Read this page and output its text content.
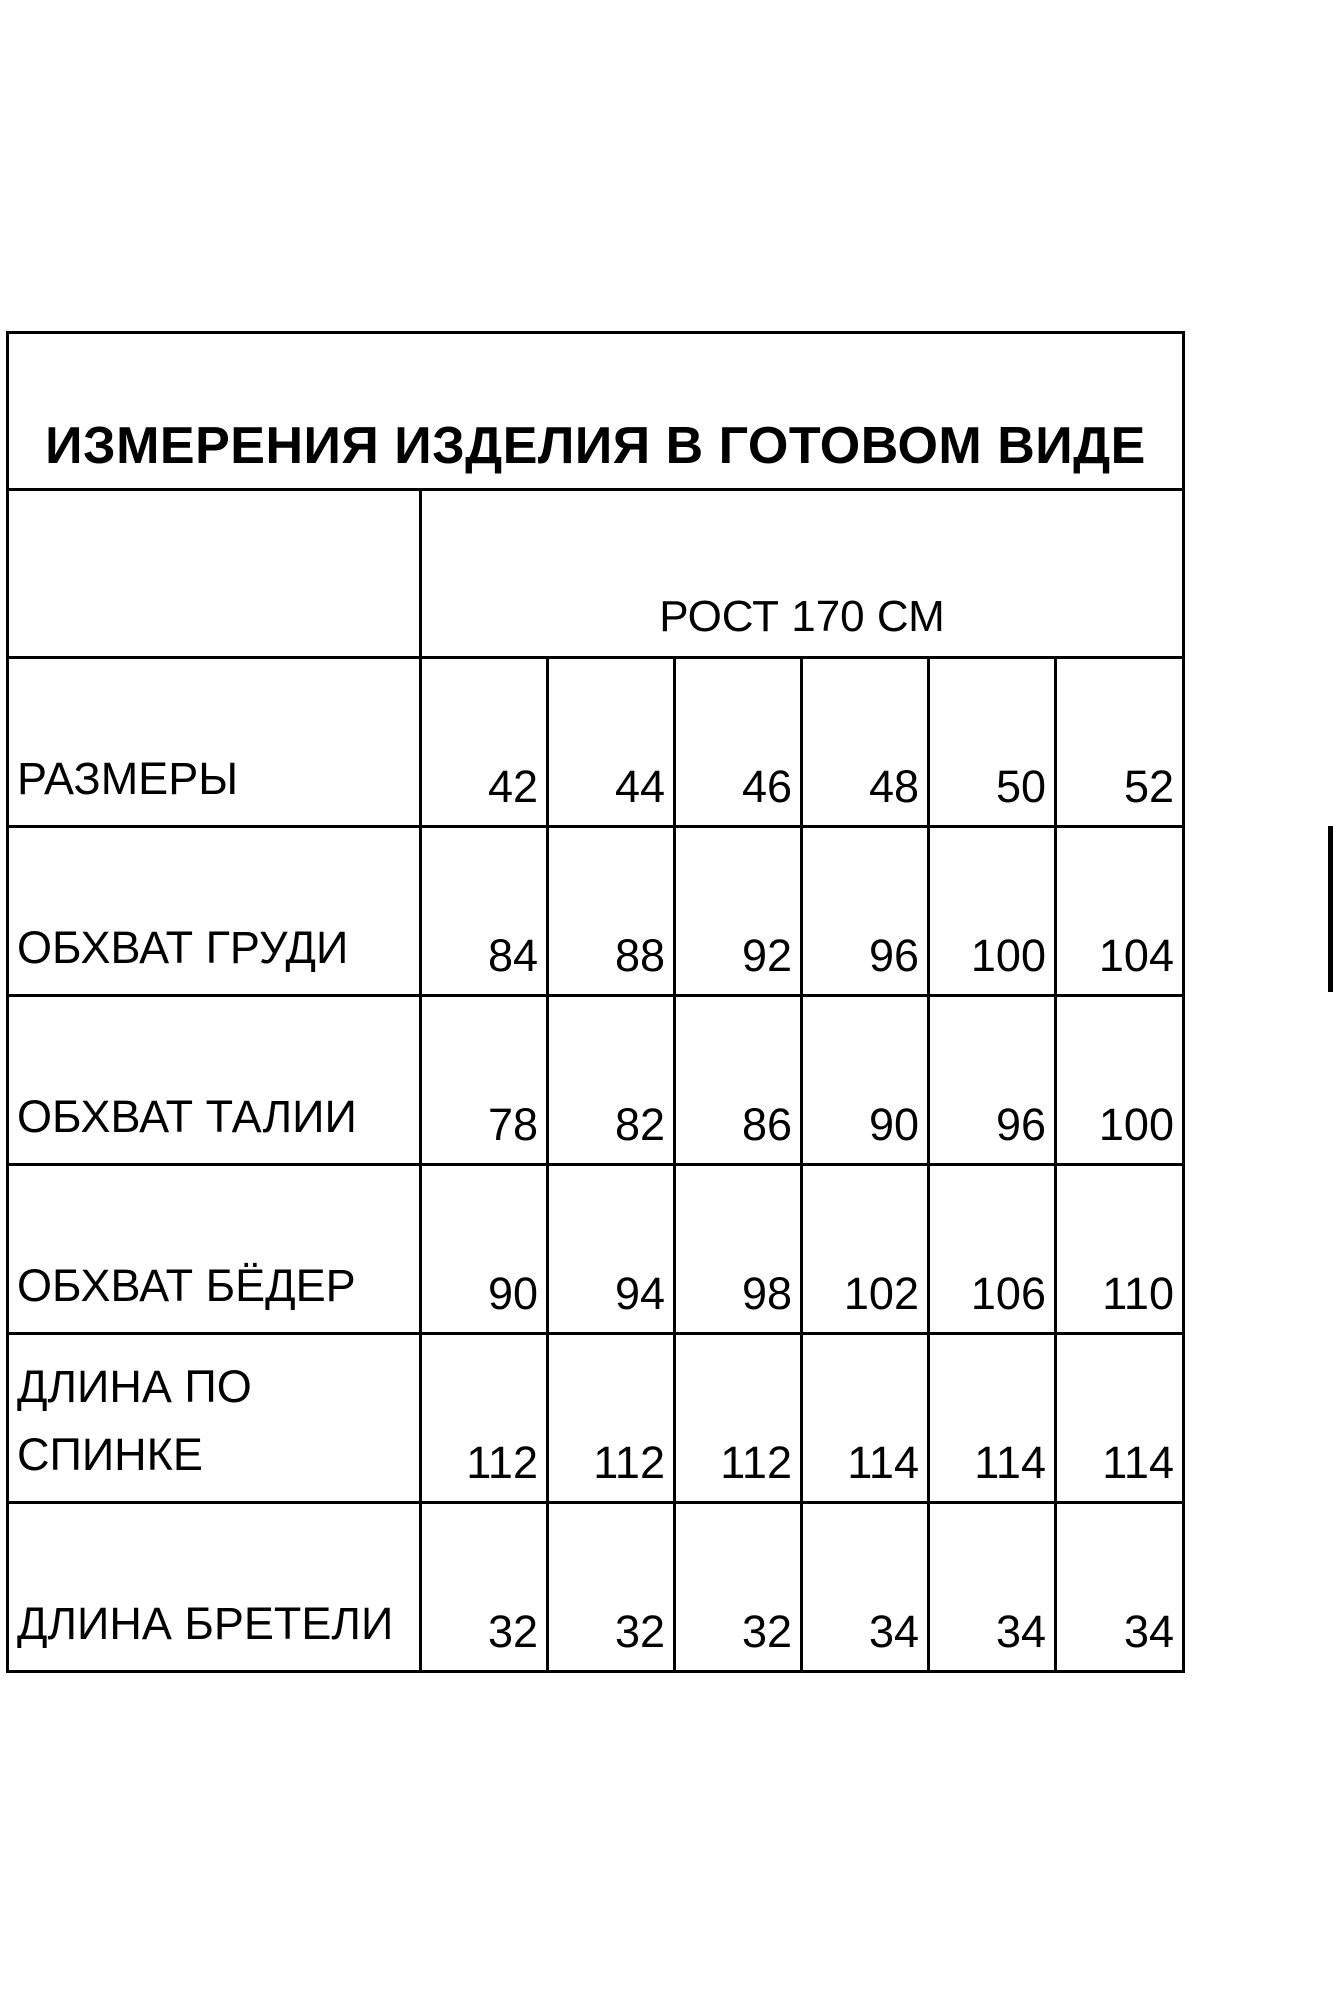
ИЗМЕРЕНИЯ ИЗДЕЛИЯ В ГОТОВОМ ВИДЕ						
	РОСТ 170 СМ					
РАЗМЕРЫ	42	44	46	48	50	52
ОБХВАТ ГРУДИ	84	88	92	96	100	104
ОБХВАТ ТАЛИИ	78	82	86	90	96	100
ОБХВАТ БЁДЕР	90	94	98	102	106	110
ДЛИНА ПО СПИНКЕ	112	112	112	114	114	114
ДЛИНА БРЕТЕЛИ	32	32	32	34	34	34
